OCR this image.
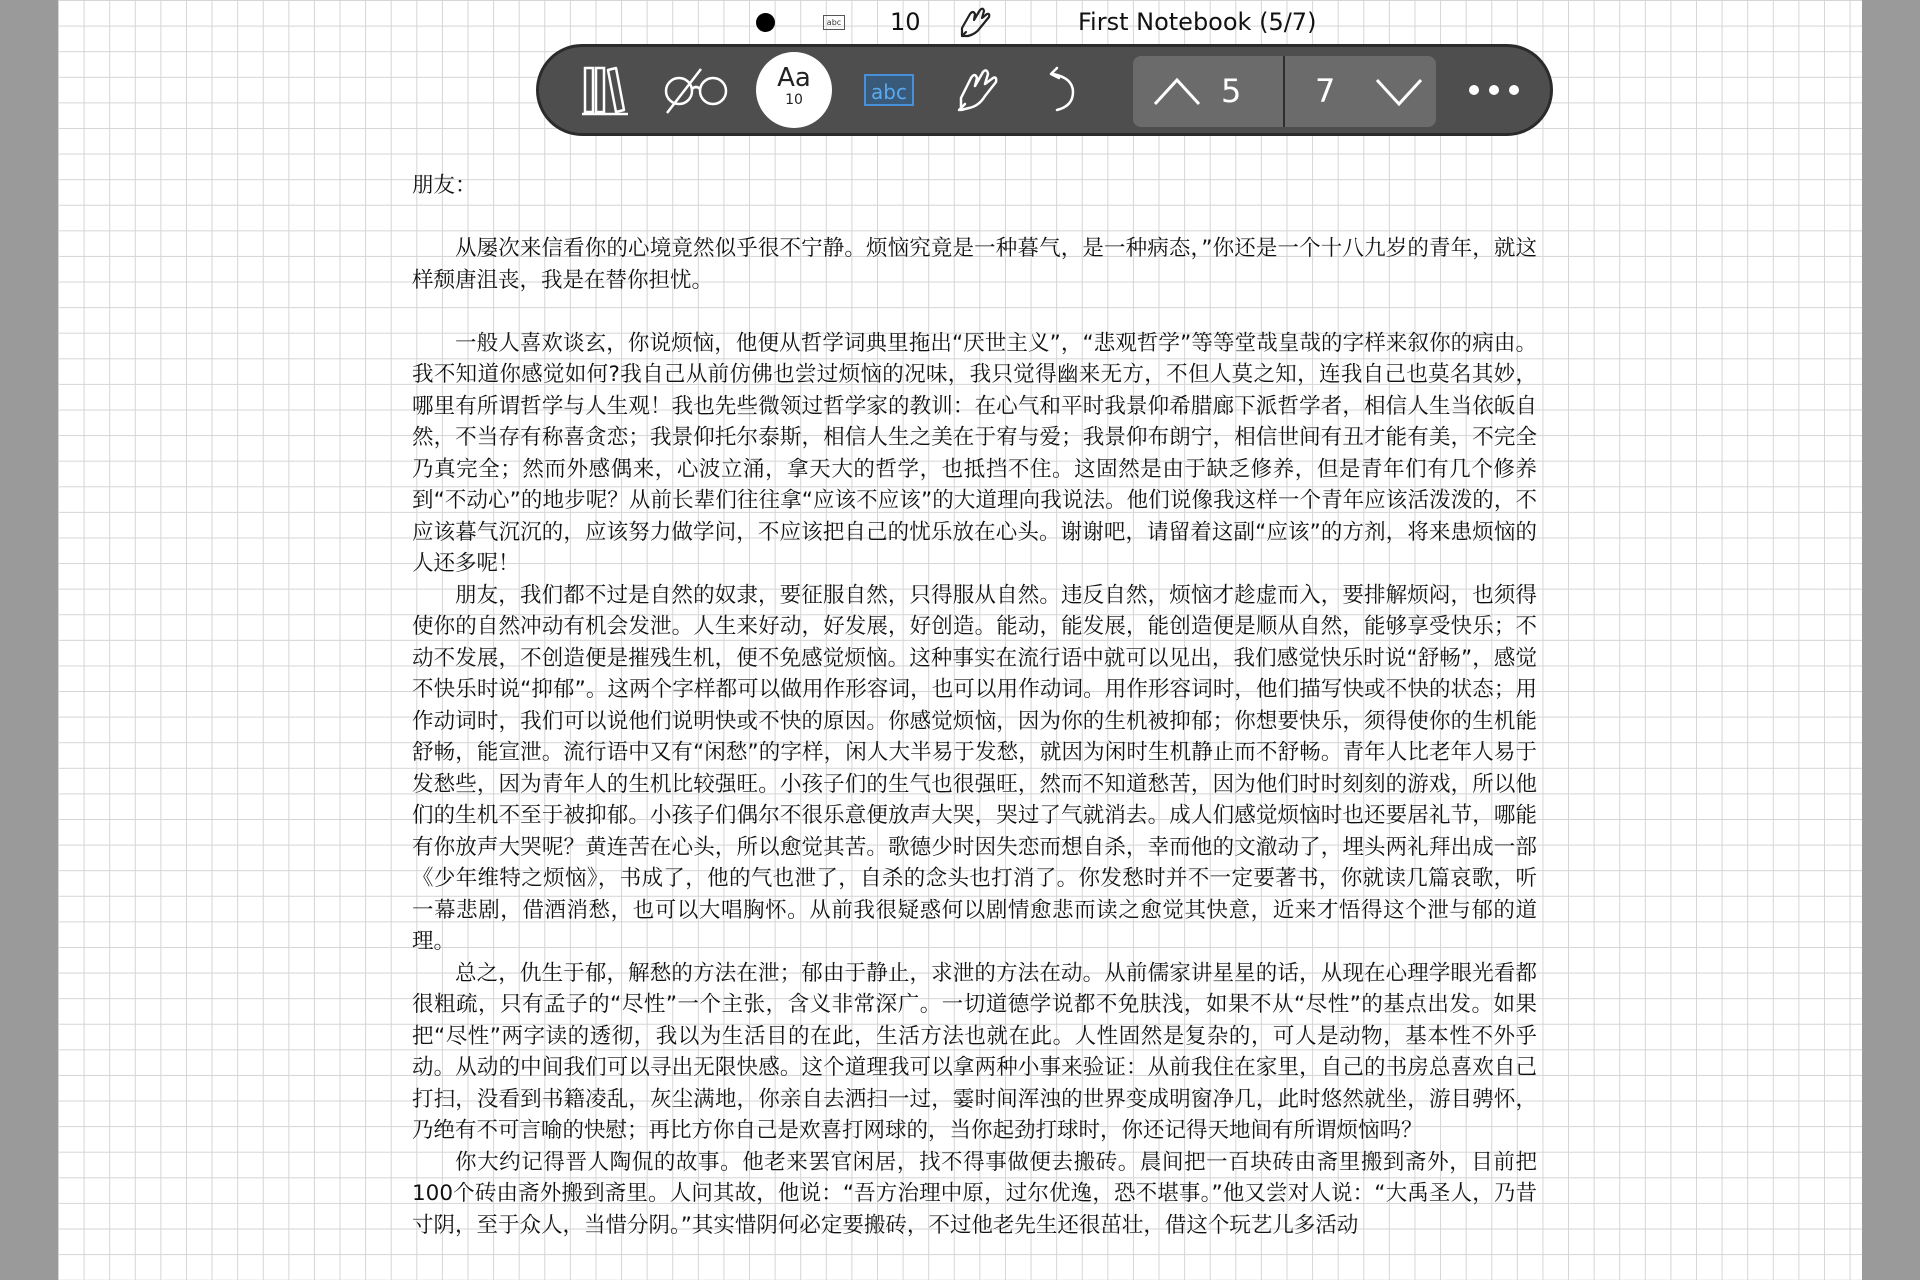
abc 10	First Notebook (5/7)
Aa
10	abc	5 7

朋友：

从屡次来信看你的心境竟然似乎很不宁静。烦恼究竟是一种暮气，是一种病态，”你还是一个十八九岁的青年，就这样颓唐沮丧，我是在替你担忧。

一般人喜欢谈玄，你说烦恼，他便从哲学词典里拖出“厌世主义”，“悲观哲学”等等堂哉皇哉的字样来叙你的病由。我不知道你感觉如何?我自己从前仿佛也尝过烦恼的况味，我只觉得幽来无方，不但人莫之知，连我自己也莫名其妙，哪里有所谓哲学与人生观！我也先些微领过哲学家的教训：在心气和平时我景仰希腊廊下派哲学者，相信人生当依皈自然，不当存有称喜贪恋；我景仰托尔泰斯，相信人生之美在于宥与爱；我景仰布朗宁，相信世间有丑才能有美，不完全乃真完全；然而外感偶来，心波立涌，拿天大的哲学，也抵挡不住。这固然是由于缺乏修养，但是青年们有几个修养到“不动心”的地步呢？从前长辈们往往拿“应该不应该”的大道理向我说法。他们说像我这样一个青年应该活泼泼的，不应该暮气沉沉的，应该努力做学问，不应该把自己的忧乐放在心头。谢谢吧，请留着这副“应该”的方剂，将来患烦恼的人还多呢！

朋友，我们都不过是自然的奴隶，要征服自然，只得服从自然。违反自然，烦恼才趁虚而入，要排解烦闷，也须得使你的自然冲动有机会发泄。人生来好动，好发展，好创造。能动，能发展，能创造便是顺从自然，能够享受快乐；不动不发展，不创造便是摧残生机，便不免感觉烦恼。这种事实在流行语中就可以见出，我们感觉快乐时说“舒畅”，感觉不快乐时说“抑郁”。这两个字样都可以做用作形容词，也可以用作动词。用作形容词时，他们描写快或不快的状态；用作动词时，我们可以说他们说明快或不快的原因。你感觉烦恼，因为你的生机被抑郁；你想要快乐，须得使你的生机能舒畅，能宣泄。流行语中又有“闲愁”的字样，闲人大半易于发愁，就因为闲时生机静止而不舒畅。青年人比老年人易于发愁些，因为青年人的生机比较强旺。小孩子们的生气也很强旺，然而不知道愁苦，因为他们时时刻刻的游戏，所以他们的生机不至于被抑郁。小孩子们偶尔不很乐意便放声大哭，哭过了气就消去。成人们感觉烦恼时也还要居礼节，哪能有你放声大哭呢？黄连苦在心头，所以愈觉其苦。歌德少时因失恋而想自杀，幸而他的文澈动了，埋头两礼拜出成一部《少年维特之烦恼》，书成了，他的气也泄了，自杀的念头也打消了。你发愁时并不一定要著书，你就读几篇哀歌，听一幕悲剧，借酒消愁，也可以大唱胸怀。从前我很疑惑何以剧情愈悲而读之愈觉其快意，近来才悟得这个泄与郁的道理。

总之，仇生于郁，解愁的方法在泄；郁由于静止，求泄的方法在动。从前儒家讲星星的话，从现在心理学眼光看都很粗疏，只有孟子的“尽性”一个主张，含义非常深广。一切道德学说都不免肤浅，如果不从“尽性”的基点出发。如果把“尽性”两字读的透彻，我以为生活目的在此，生活方法也就在此。人性固然是复杂的，可人是动物，基本性不外乎动。从动的中间我们可以寻出无限快感。这个道理我可以拿两种小事来验证：从前我住在家里，自己的书房总喜欢自己打扫，没看到书籍凌乱，灰尘满地，你亲自去洒扫一过，霎时间浑浊的世界变成明窗净几，此时悠然就坐，游目骋怀，乃绝有不可言喻的快慰；再比方你自己是欢喜打网球的，当你起劲打球时，你还记得天地间有所谓烦恼吗？

你大约记得晋人陶侃的故事。他老来罢官闲居，找不得事做便去搬砖。晨间把一百块砖由斋里搬到斋外，目前把100个砖由斋外搬到斋里。人问其故，他说：“吾方治理中原，过尔优逸，恐不堪事。”他又尝对人说：“大禹圣人，乃昔寸阴，至于众人，当惜分阴。”其实惜阴何必定要搬砖，不过他老先生还很茁壮，借这个玩艺儿多活动
